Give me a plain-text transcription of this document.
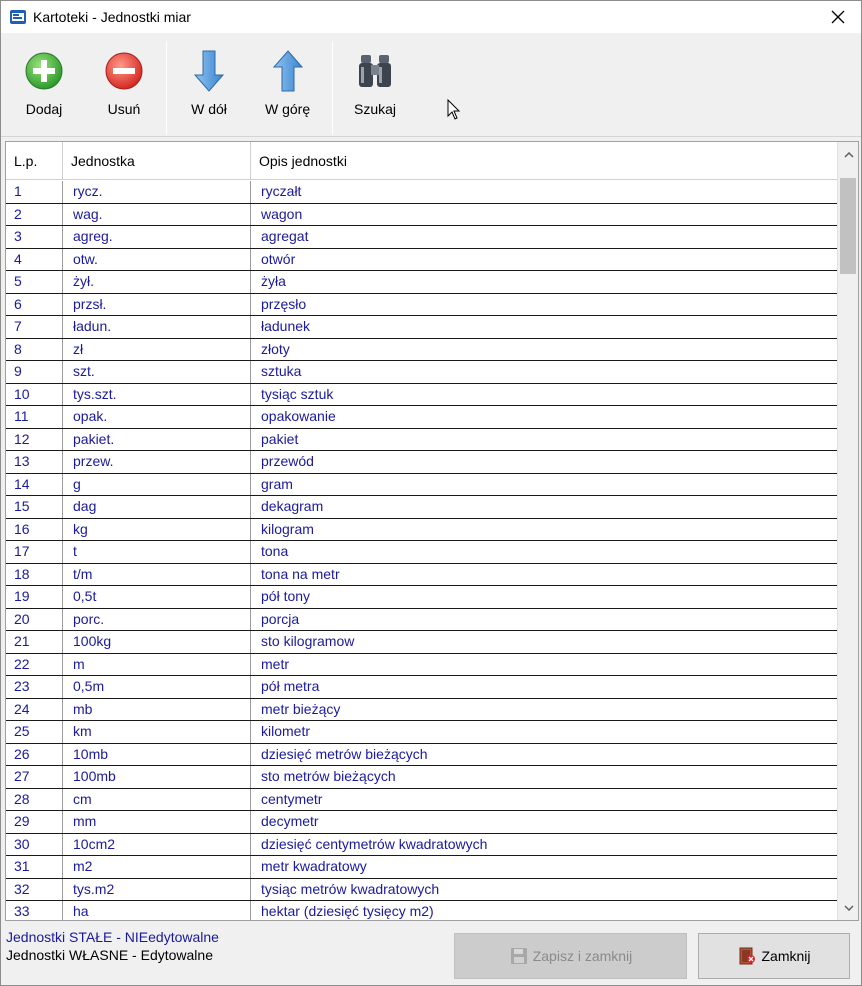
Kartoteki - Jednostki miar
Dodaj	Usuń	W dół	W górę	Szukaj
L.p.	Jednostka	Opis jednostki
1	rycz.	ryczałt
2	wag.	wagon
3	agreg.	agregat
4	otw.	otwór
5	żył.	żyła
6	przsł.	przęsło
7	ładun.	ładunek
8	zł	złoty
9	szt.	sztuka
10	tys.szt.	tysiąc sztuk
11	opak.	opakowanie
12	pakiet.	pakiet
13	przew.	przewód
14	g	gram
15	dag	dekagram
16	kg	kilogram
17	t	tona
18	t/m	tona na metr
19	0,5t	pół tony
20	porc.	porcja
21	100kg	sto kilogramow
22	m	metr
23	0,5m	pół metra
24	mb	metr bieżący
25	km	kilometr
26	10mb	dziesięć metrów bieżących
27	100mb	sto metrów bieżących
28	cm	centymetr
29	mm	decymetr
30	10cm2	dziesięć centymetrów kwadratowych
31	m2	metr kwadratowy
32	tys.m2	tysiąc metrów kwadratowych
33	ha	hektar (dziesięć tysięcy m2)
Jednostki STAŁE - NIEedytowalne
Jednostki WŁASNE - Edytowalne	Zapisz i zamknij	Zamknij
